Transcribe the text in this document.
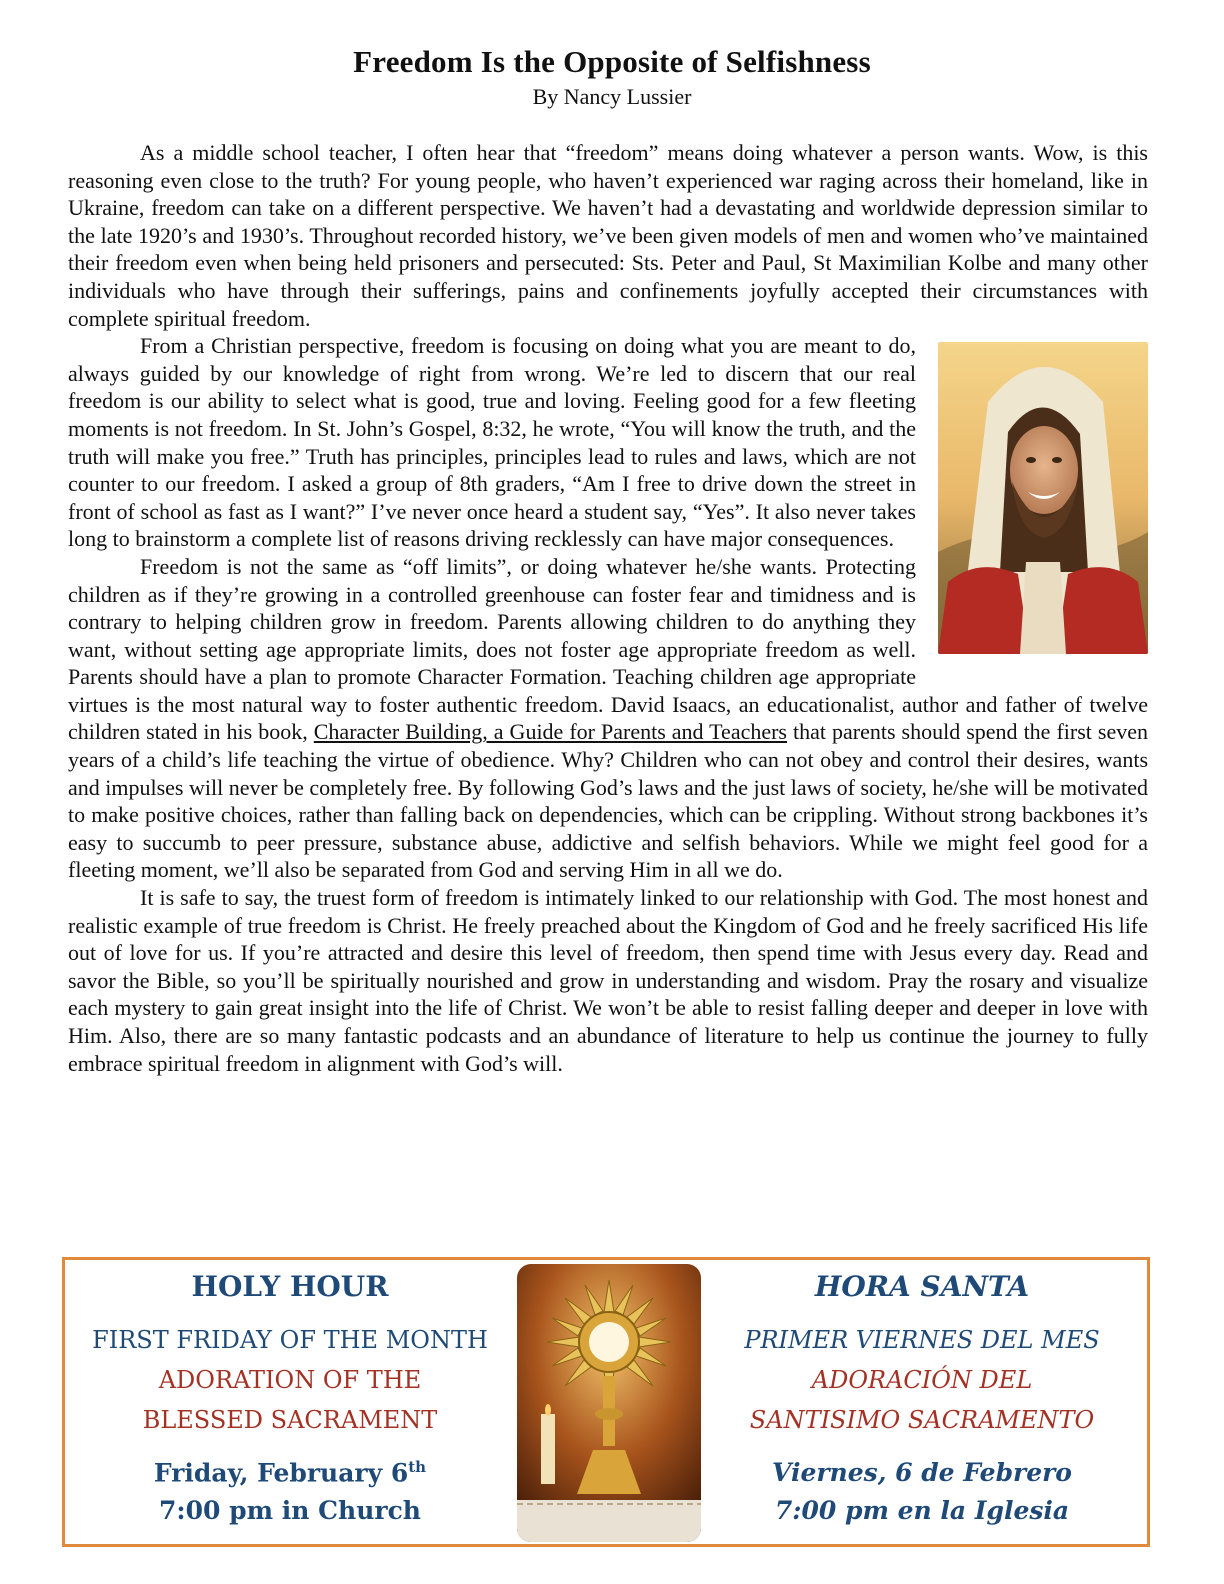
Freedom Is the Opposite of Selfishness
By Nancy Lussier

As a middle school teacher, I often hear that “freedom” means doing whatever a person wants. Wow, is this reasoning even close to the truth? For young people, who haven’t experienced war raging across their homeland, like in Ukraine, freedom can take on a different perspective. We haven’t had a devastating and worldwide depression similar to the late 1920’s and 1930’s. Throughout recorded history, we’ve been given models of men and women who’ve maintained their freedom even when being held prisoners and persecuted: Sts. Peter and Paul, St Maximilian Kolbe and many other individuals who have through their sufferings, pains and confinements joyfully accepted their circumstances with complete spiritual freedom.

From a Christian perspective, freedom is focusing on doing what you are meant to do, always guided by our knowledge of right from wrong. We’re led to discern that our real freedom is our ability to select what is good, true and loving. Feeling good for a few fleeting moments is not freedom. In St. John’s Gospel, 8:32, he wrote, “You will know the truth, and the truth will make you free.” Truth has principles, principles lead to rules and laws, which are not counter to our freedom. I asked a group of 8th graders, “Am I free to drive down the street in front of school as fast as I want?” I’ve never once heard a student say, “Yes”. It also never takes long to brainstorm a complete list of reasons driving recklessly can have major consequences.

Freedom is not the same as “off limits”, or doing whatever he/she wants. Protecting children as if they’re growing in a controlled greenhouse can foster fear and timidness and is contrary to helping children grow in freedom. Parents allowing children to do anything they want, without setting age appropriate limits, does not foster age appropriate freedom as well. Parents should have a plan to promote Character Formation. Teaching children age appropriate virtues is the most natural way to foster authentic freedom. David Isaacs, an educationalist, author and father of twelve children stated in his book, Character Building, a Guide for Parents and Teachers that parents should spend the first seven years of a child’s life teaching the virtue of obedience. Why? Children who can not obey and control their desires, wants and impulses will never be completely free. By following God’s laws and the just laws of society, he/she will be motivated to make positive choices, rather than falling back on dependencies, which can be crippling. Without strong backbones it’s easy to succumb to peer pressure, substance abuse, addictive and selfish behaviors. While we might feel good for a fleeting moment, we’ll also be separated from God and serving Him in all we do.

It is safe to say, the truest form of freedom is intimately linked to our relationship with God. The most honest and realistic example of true freedom is Christ. He freely preached about the Kingdom of God and he freely sacrificed His life out of love for us. If you’re attracted and desire this level of freedom, then spend time with Jesus every day. Read and savor the Bible, so you’ll be spiritually nourished and grow in understanding and wisdom. Pray the rosary and visualize each mystery to gain great insight into the life of Christ. We won’t be able to resist falling deeper and deeper in love with Him. Also, there are so many fantastic podcasts and an abundance of literature to help us continue the journey to fully embrace spiritual freedom in alignment with God’s will.

HOLY HOUR
FIRST FRIDAY OF THE MONTH
ADORATION OF THE
BLESSED SACRAMENT
Friday, February 6th
7:00 pm in Church
HORA SANTA
PRIMER VIERNES DEL MES
ADORACIÓN DEL
SANTISIMO SACRAMENTO
Viernes, 6 de Febrero
7:00 pm en la Iglesia
